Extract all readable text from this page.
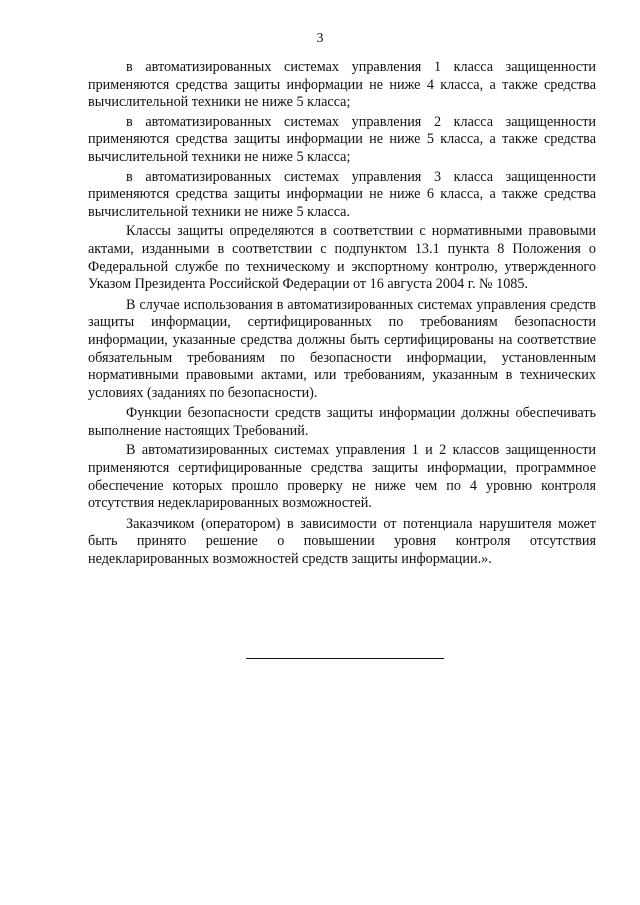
3

в автоматизированных системах управления 1 класса защищенности применяются средства защиты информации не ниже 4 класса, а также средства вычислительной техники не ниже 5 класса;

в автоматизированных системах управления 2 класса защищенности применяются средства защиты информации не ниже 5 класса, а также средства вычислительной техники не ниже 5 класса;

в автоматизированных системах управления 3 класса защищенности применяются средства защиты информации не ниже 6 класса, а также средства вычислительной техники не ниже 5 класса.

Классы защиты определяются в соответствии с нормативными правовыми актами, изданными в соответствии с подпунктом 13.1 пункта 8 Положения о Федеральной службе по техническому и экспортному контролю, утвержденного Указом Президента Российской Федерации от 16 августа 2004 г. № 1085.

В случае использования в автоматизированных системах управления средств защиты информации, сертифицированных по требованиям безопасности информации, указанные средства должны быть сертифицированы на соответствие обязательным требованиям по безопасности информации, установленным нормативными правовыми актами, или требованиям, указанным в технических условиях (заданиях по безопасности).

Функции безопасности средств защиты информации должны обеспечивать выполнение настоящих Требований.

В автоматизированных системах управления 1 и 2 классов защищенности применяются сертифицированные средства защиты информации, программное обеспечение которых прошло проверку не ниже чем по 4 уровню контроля отсутствия недекларированных возможностей.

Заказчиком (оператором) в зависимости от потенциала нарушителя может быть принято решение о повышении уровня контроля отсутствия недекларированных возможностей средств защиты информации.».
